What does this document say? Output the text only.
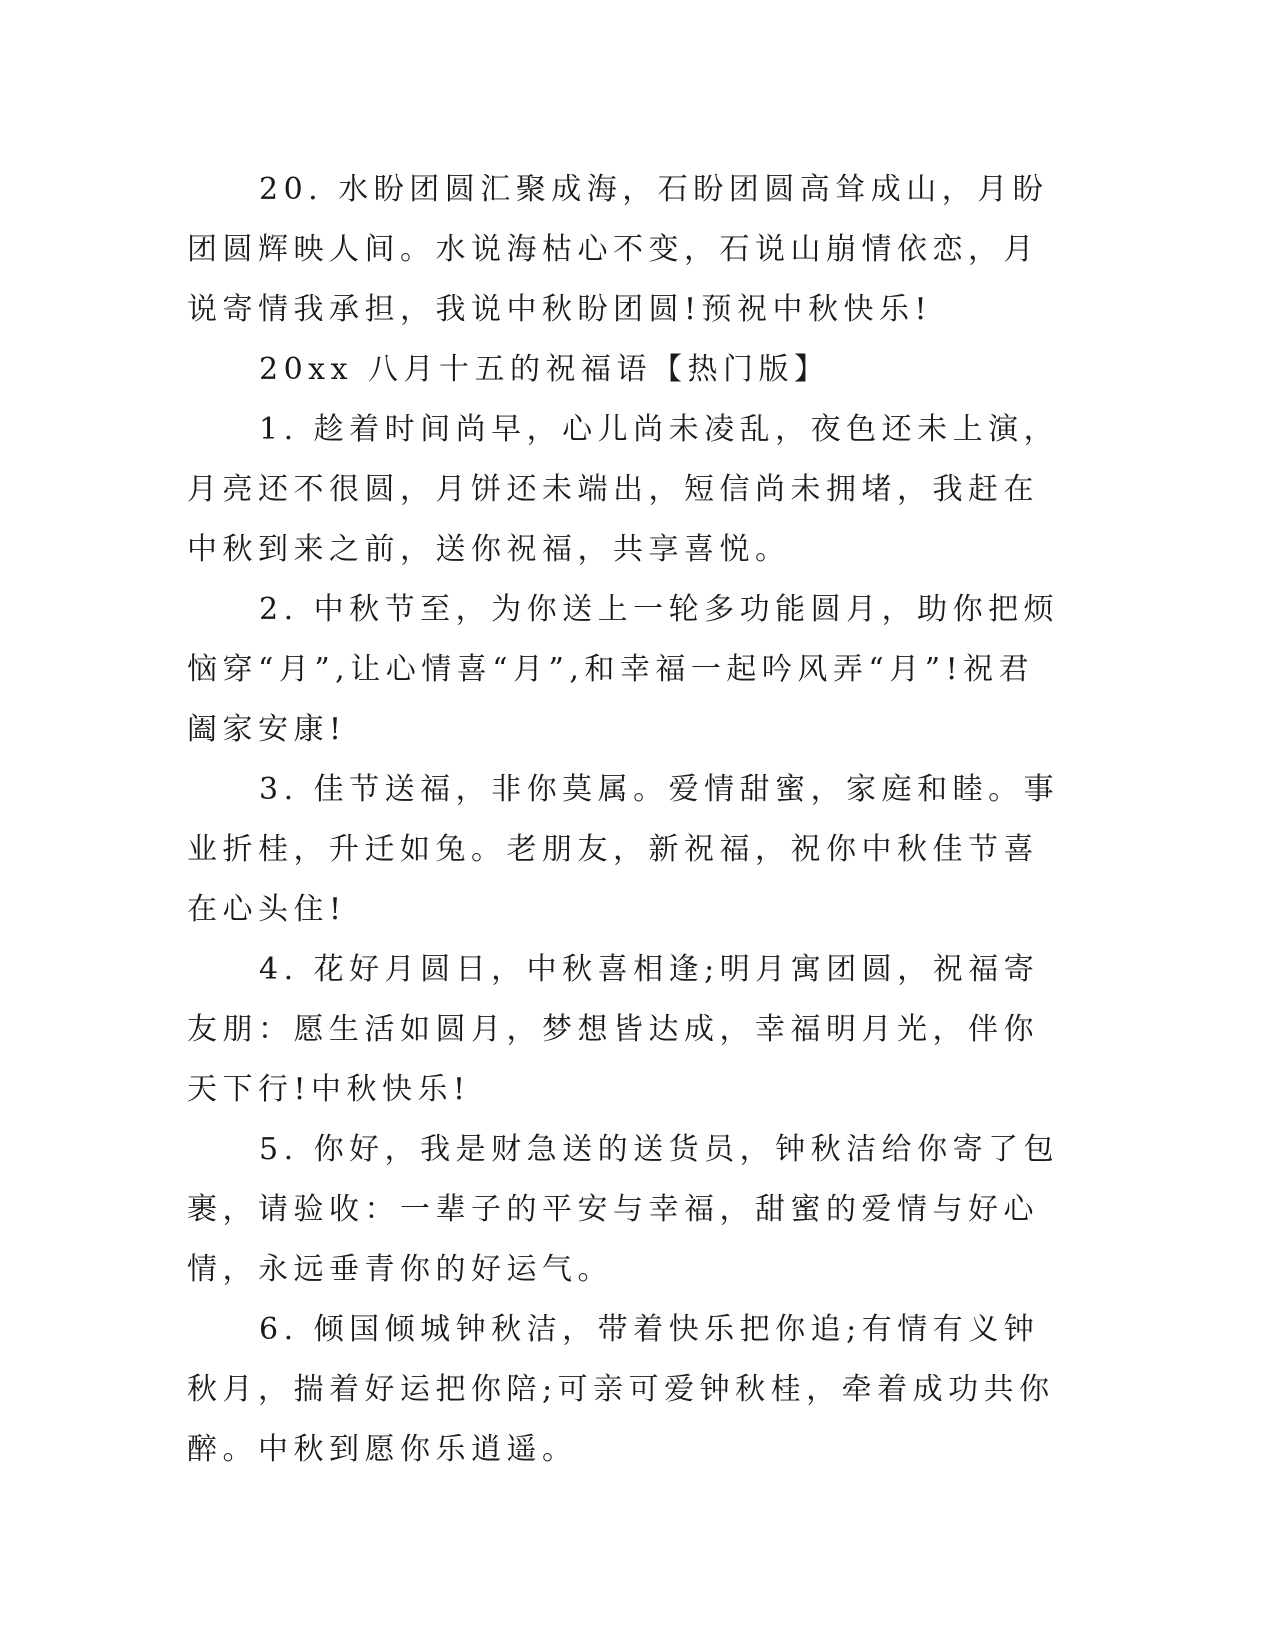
20. 水盼团圆汇聚成海，石盼团圆高耸成山，月盼团圆辉映人间。水说海枯心不变，石说山崩情依恋，月说寄情我承担，我说中秋盼团圆!预祝中秋快乐!

20xx 八月十五的祝福语【热门版】

1. 趁着时间尚早，心儿尚未凌乱，夜色还未上演，月亮还不很圆，月饼还未端出，短信尚未拥堵，我赶在中秋到来之前，送你祝福，共享喜悦。

2. 中秋节至，为你送上一轮多功能圆月，助你把烦恼穿“月”,让心情喜“月”,和幸福一起吟风弄“月”!祝君阖家安康!

3. 佳节送福，非你莫属。爱情甜蜜，家庭和睦。事业折桂，升迁如兔。老朋友，新祝福，祝你中秋佳节喜在心头住!

4. 花好月圆日，中秋喜相逢;明月寓团圆，祝福寄友朋：愿生活如圆月，梦想皆达成，幸福明月光，伴你天下行!中秋快乐!

5. 你好，我是财急送的送货员，钟秋洁给你寄了包裹，请验收：一辈子的平安与幸福，甜蜜的爱情与好心情，永远垂青你的好运气。

6. 倾国倾城钟秋洁，带着快乐把你追;有情有义钟秋月，揣着好运把你陪;可亲可爱钟秋桂，牵着成功共你醉。中秋到愿你乐逍遥。
